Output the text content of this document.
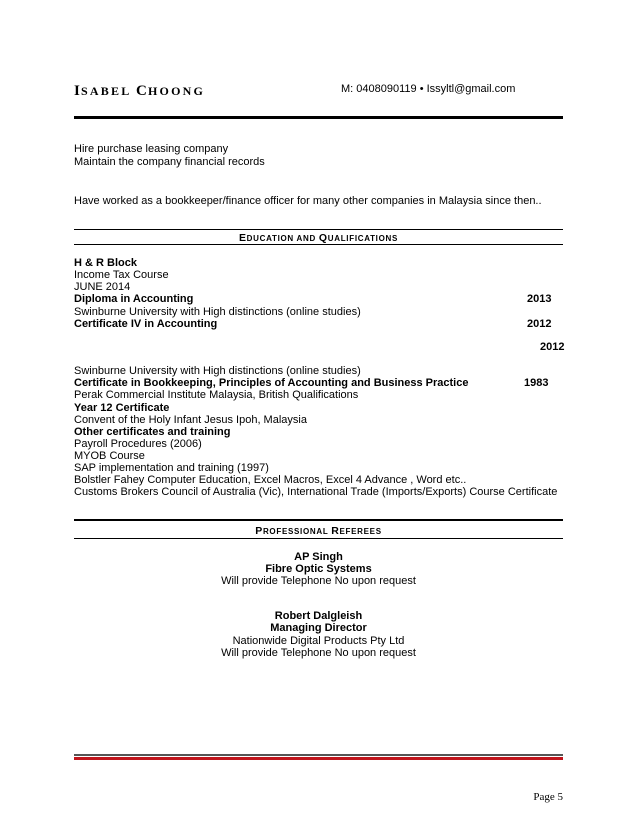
ISABEL CHOONG	M: 0408090119 • Issyltl@gmail.com
Hire purchase leasing company
Maintain the company financial records
Have worked as a bookkeeper/finance officer for many other companies in Malaysia since then..
EDUCATION AND QUALIFICATIONS
H & R Block
Income Tax Course
JUNE 2014
Diploma in Accounting	2013
Swinburne University with High distinctions (online studies)
Certificate IV in Accounting	2012
2012
Swinburne University with High distinctions (online studies)
Certificate in Bookkeeping, Principles of Accounting and Business Practice	1983
Perak Commercial Institute Malaysia, British Qualifications
Year 12 Certificate
Convent of the Holy Infant Jesus Ipoh, Malaysia
Other certificates and training
Payroll Procedures (2006)
MYOB Course
SAP implementation and training (1997)
Bolstler Fahey Computer Education, Excel Macros, Excel 4 Advance , Word etc..
Customs Brokers Council of Australia (Vic), International Trade (Imports/Exports) Course Certificate
PROFESSIONAL REFEREES
AP Singh
Fibre Optic Systems
Will provide Telephone No upon request
Robert Dalgleish
Managing Director
Nationwide Digital Products Pty Ltd
Will provide Telephone No upon request
Page 5
